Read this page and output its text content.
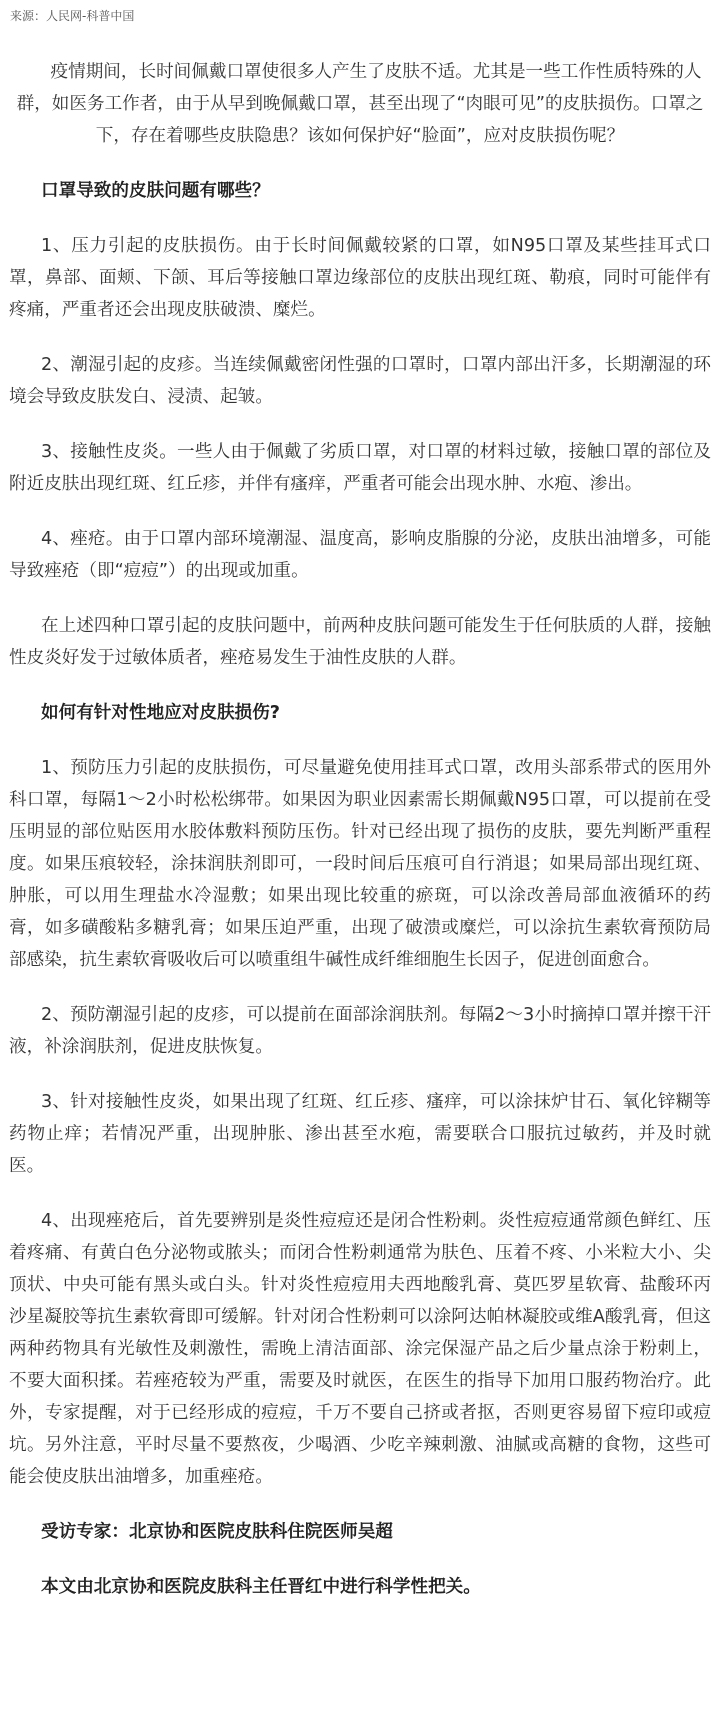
来源：人民网-科普中国

疫情期间，长时间佩戴口罩使很多人产生了皮肤不适。尤其是一些工作性质特殊的人群，如医务工作者，由于从早到晚佩戴口罩，甚至出现了“肉眼可见”的皮肤损伤。口罩之下，存在着哪些皮肤隐患？该如何保护好“脸面”，应对皮肤损伤呢？

口罩导致的皮肤问题有哪些？

1、压力引起的皮肤损伤。由于长时间佩戴较紧的口罩，如N95口罩及某些挂耳式口罩，鼻部、面颊、下颌、耳后等接触口罩边缘部位的皮肤出现红斑、勒痕，同时可能伴有疼痛，严重者还会出现皮肤破溃、糜烂。

2、潮湿引起的皮疹。当连续佩戴密闭性强的口罩时，口罩内部出汗多，长期潮湿的环境会导致皮肤发白、浸渍、起皱。

3、接触性皮炎。一些人由于佩戴了劣质口罩，对口罩的材料过敏，接触口罩的部位及附近皮肤出现红斑、红丘疹，并伴有瘙痒，严重者可能会出现水肿、水疱、渗出。

4、痤疮。由于口罩内部环境潮湿、温度高，影响皮脂腺的分泌，皮肤出油增多，可能导致痤疮（即“痘痘”）的出现或加重。

在上述四种口罩引起的皮肤问题中，前两种皮肤问题可能发生于任何肤质的人群，接触性皮炎好发于过敏体质者，痤疮易发生于油性皮肤的人群。

如何有针对性地应对皮肤损伤?

1、预防压力引起的皮肤损伤，可尽量避免使用挂耳式口罩，改用头部系带式的医用外科口罩，每隔1～2小时松松绑带。如果因为职业因素需长期佩戴N95口罩，可以提前在受压明显的部位贴医用水胶体敷料预防压伤。针对已经出现了损伤的皮肤，要先判断严重程度。如果压痕较轻，涂抹润肤剂即可，一段时间后压痕可自行消退；如果局部出现红斑、肿胀，可以用生理盐水冷湿敷；如果出现比较重的瘀斑，可以涂改善局部血液循环的药膏，如多磺酸粘多糖乳膏；如果压迫严重，出现了破溃或糜烂，可以涂抗生素软膏预防局部感染，抗生素软膏吸收后可以喷重组牛碱性成纤维细胞生长因子，促进创面愈合。

2、预防潮湿引起的皮疹，可以提前在面部涂润肤剂。每隔2～3小时摘掉口罩并擦干汗液，补涂润肤剂，促进皮肤恢复。

3、针对接触性皮炎，如果出现了红斑、红丘疹、瘙痒，可以涂抹炉甘石、氧化锌糊等药物止痒；若情况严重，出现肿胀、渗出甚至水疱，需要联合口服抗过敏药，并及时就医。

4、出现痤疮后，首先要辨别是炎性痘痘还是闭合性粉刺。炎性痘痘通常颜色鲜红、压着疼痛、有黄白色分泌物或脓头；而闭合性粉刺通常为肤色、压着不疼、小米粒大小、尖顶状、中央可能有黑头或白头。针对炎性痘痘用夫西地酸乳膏、莫匹罗星软膏、盐酸环丙沙星凝胶等抗生素软膏即可缓解。针对闭合性粉刺可以涂阿达帕林凝胶或维A酸乳膏，但这两种药物具有光敏性及刺激性，需晚上清洁面部、涂完保湿产品之后少量点涂于粉刺上，不要大面积揉。若痤疮较为严重，需要及时就医，在医生的指导下加用口服药物治疗。此外，专家提醒，对于已经形成的痘痘，千万不要自己挤或者抠，否则更容易留下痘印或痘坑。另外注意，平时尽量不要熬夜，少喝酒、少吃辛辣刺激、油腻或高糖的食物，这些可能会使皮肤出油增多，加重痤疮。

受访专家：北京协和医院皮肤科住院医师吴超

本文由北京协和医院皮肤科主任晋红中进行科学性把关。
